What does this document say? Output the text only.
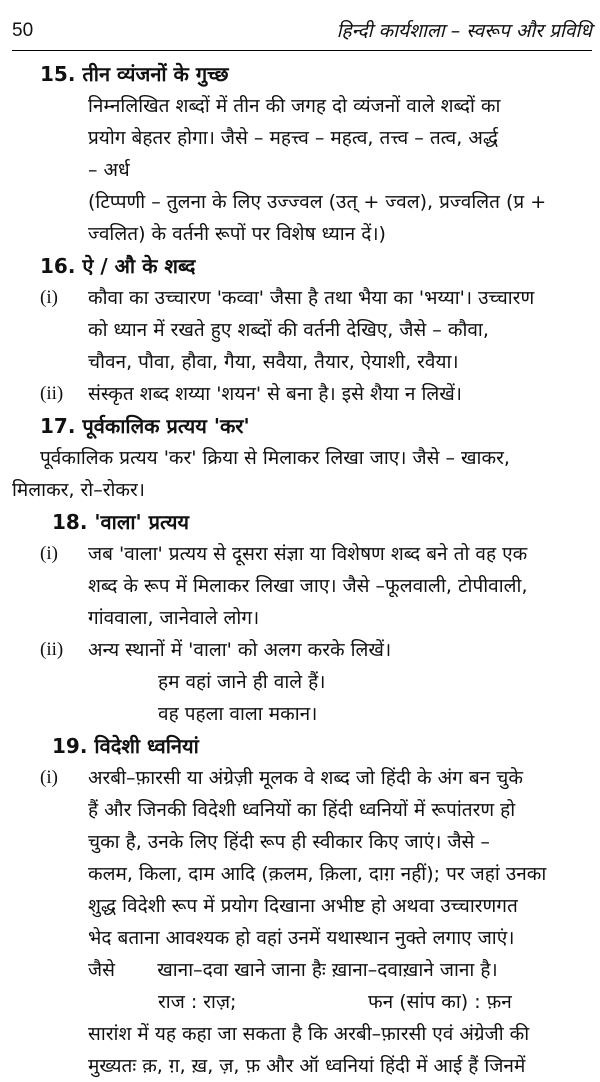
50	हिन्दी कार्यशाला – स्वरूप और प्रविधि

15. तीन व्यंजनों के गुच्छ

निम्नलिखित शब्दों में तीन की जगह दो व्यंजनों वाले शब्दों का

प्रयोग बेहतर होगा। जैसे – महत्त्व – महत्व, तत्त्व – तत्व, अर्द्ध

– अर्ध

(टिप्पणी – तुलना के लिए उज्ज्वल (उत् + ज्वल), प्रज्वलित (प्र +

ज्वलित) के वर्तनी रूपों पर विशेष ध्यान दें।)

16. ऐ / औ के शब्द

(i) कौवा का उच्चारण 'कव्वा' जैसा है तथा भैया का 'भय्या'। उच्चारण

को ध्यान में रखते हुए शब्दों की वर्तनी देखिए, जैसे – कौवा,

चौवन, पौवा, हौवा, गैया, सवैया, तैयार, ऐयाशी, रवैया।

(ii) संस्कृत शब्द शय्या 'शयन' से बना है। इसे शैया न लिखें।

17. पूर्वकालिक प्रत्यय 'कर'

पूर्वकालिक प्रत्यय 'कर' क्रिया से मिलाकर लिखा जाए। जैसे – खाकर,

मिलाकर, रो–रोकर।

18. 'वाला' प्रत्यय

(i) जब 'वाला' प्रत्यय से दूसरा संज्ञा या विशेषण शब्द बने तो वह एक

शब्द के रूप में मिलाकर लिखा जाए। जैसे –फूलवाली, टोपीवाली,

गांववाला, जानेवाले लोग।

(ii) अन्य स्थानों में 'वाला' को अलग करके लिखें।

हम वहां जाने ही वाले हैं।

वह पहला वाला मकान।

19. विदेशी ध्वनियां

(i) अरबी–फ़ारसी या अंग्रेज़ी मूलक वे शब्द जो हिंदी के अंग बन चुके

हैं और जिनकी विदेशी ध्वनियों का हिंदी ध्वनियों में रूपांतरण हो

चुका है, उनके लिए हिंदी रूप ही स्वीकार किए जाएं। जैसे –

कलम, किला, दाम आदि (क़लम, क़िला, दाग़ नहीं); पर जहां उनका

शुद्ध विदेशी रूप में प्रयोग दिखाना अभीष्ट हो अथवा उच्चारणगत

भेद बताना आवश्यक हो वहां उनमें यथास्थान नुक्ते लगाए जाएं।

जैसे       खाना–दवा खाने जाना हैः ख़ाना–दवाख़ाने जाना है।

राज : राज़;	फन (सांप का) : फ़न

सारांश में यह कहा जा सकता है कि अरबी–फ़ारसी एवं अंग्रेजी की

मुख्यतः क़, ग़, ख़, ज़, फ़ और ऑ ध्वनियां हिंदी में आई हैं जिनमें
